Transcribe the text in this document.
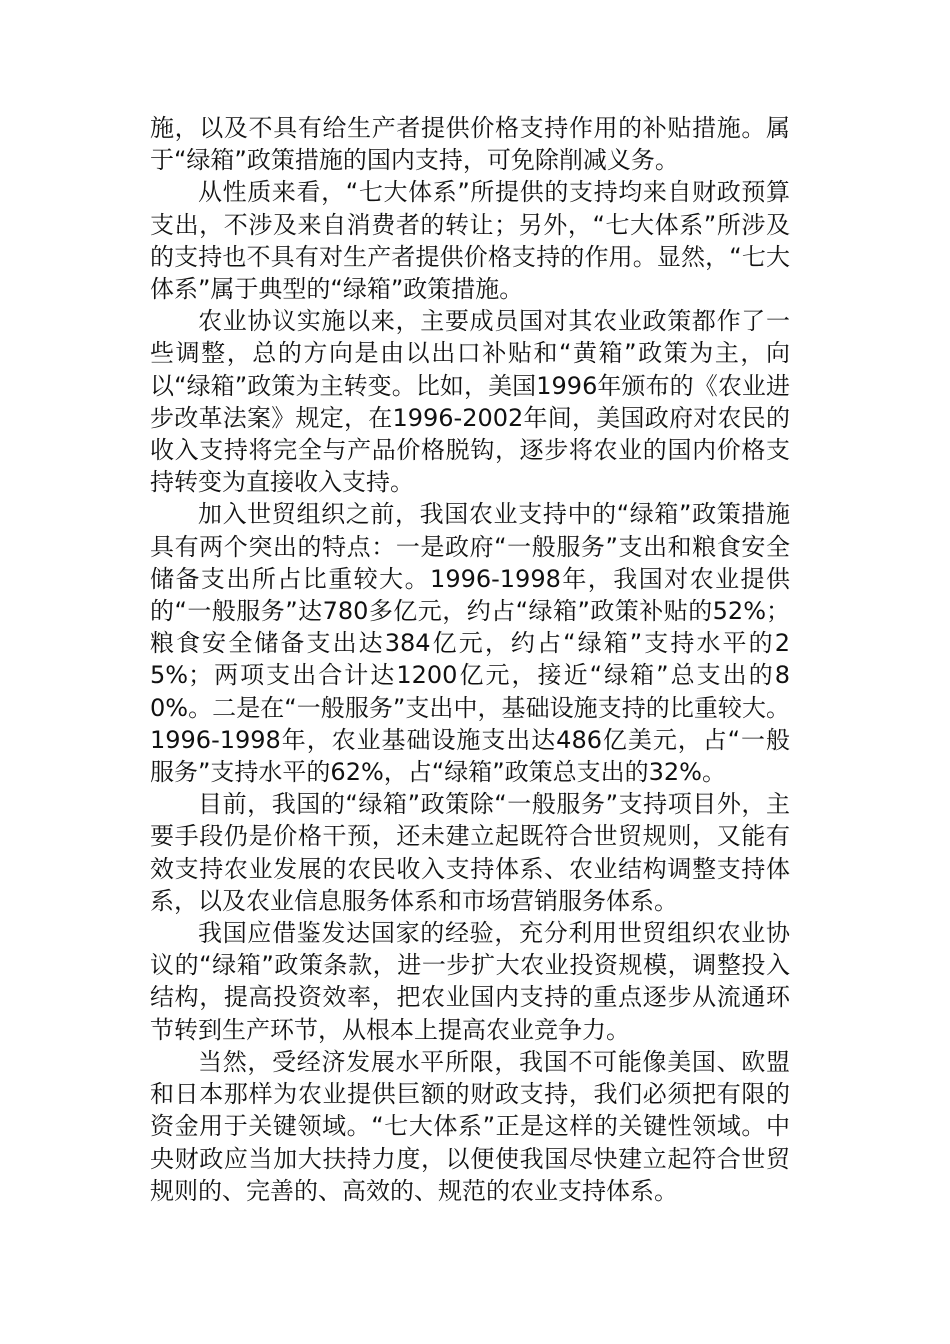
施，以及不具有给生产者提供价格支持作用的补贴措施。属于“绿箱”政策措施的国内支持，可免除削减义务。

从性质来看，“七大体系”所提供的支持均来自财政预算支出，不涉及来自消费者的转让；另外，“七大体系”所涉及的支持也不具有对生产者提供价格支持的作用。显然，“七大体系”属于典型的“绿箱”政策措施。

农业协议实施以来，主要成员国对其农业政策都作了一些调整，总的方向是由以出口补贴和“黄箱”政策为主，向以“绿箱”政策为主转变。比如，美国1996年颁布的《农业进步改革法案》规定，在1996-2002年间，美国政府对农民的收入支持将完全与产品价格脱钩，逐步将农业的国内价格支持转变为直接收入支持。

加入世贸组织之前，我国农业支持中的“绿箱”政策措施具有两个突出的特点：一是政府“一般服务”支出和粮食安全储备支出所占比重较大。1996-1998年，我国对农业提供的“一般服务”达780多亿元，约占“绿箱”政策补贴的52%；粮食安全储备支出达384亿元，约占“绿箱”支持水平的25%；两项支出合计达1200亿元，接近“绿箱”总支出的80%。二是在“一般服务”支出中，基础设施支持的比重较大。1996-1998年，农业基础设施支出达486亿美元，占“一般服务”支持水平的62%，占“绿箱”政策总支出的32%。

目前，我国的“绿箱”政策除“一般服务”支持项目外，主要手段仍是价格干预，还未建立起既符合世贸规则，又能有效支持农业发展的农民收入支持体系、农业结构调整支持体系，以及农业信息服务体系和市场营销服务体系。

我国应借鉴发达国家的经验，充分利用世贸组织农业协议的“绿箱”政策条款，进一步扩大农业投资规模，调整投入结构，提高投资效率，把农业国内支持的重点逐步从流通环节转到生产环节，从根本上提高农业竞争力。

当然，受经济发展水平所限，我国不可能像美国、欧盟和日本那样为农业提供巨额的财政支持，我们必须把有限的资金用于关键领域。“七大体系”正是这样的关键性领域。中央财政应当加大扶持力度，以便使我国尽快建立起符合世贸规则的、完善的、高效的、规范的农业支持体系。
